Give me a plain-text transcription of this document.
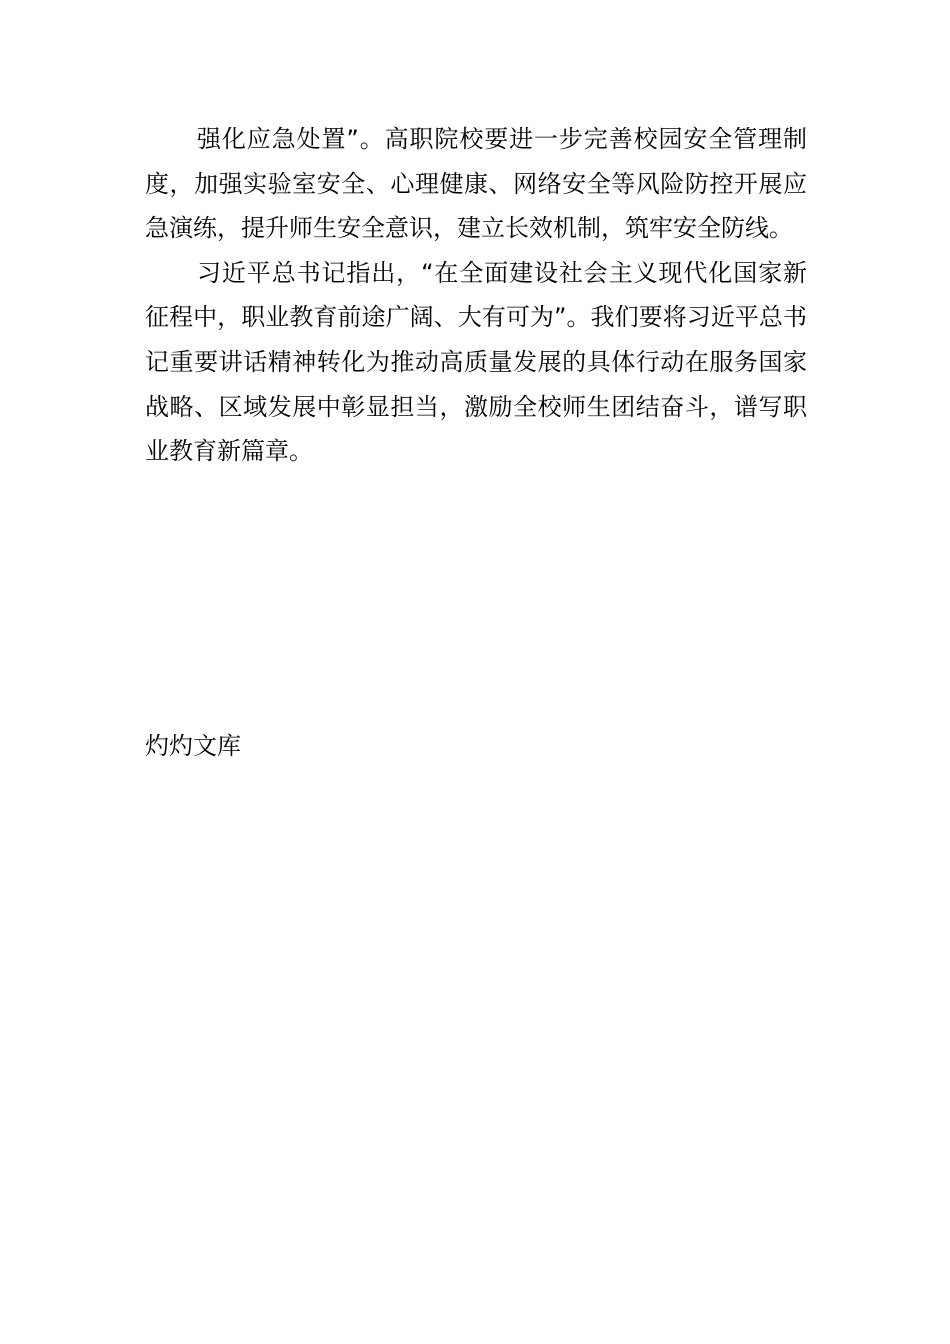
强化应急处置”。高职院校要进一步完善校园安全管理制度，加强实验室安全、心理健康、网络安全等风险防控开展应急演练，提升师生安全意识，建立长效机制，筑牢安全防线。

习近平总书记指出，“在全面建设社会主义现代化国家新征程中，职业教育前途广阔、大有可为”。我们要将习近平总书记重要讲话精神转化为推动高质量发展的具体行动在服务国家战略、区域发展中彰显担当，激励全校师生团结奋斗，谱写职业教育新篇章。

灼灼文库
